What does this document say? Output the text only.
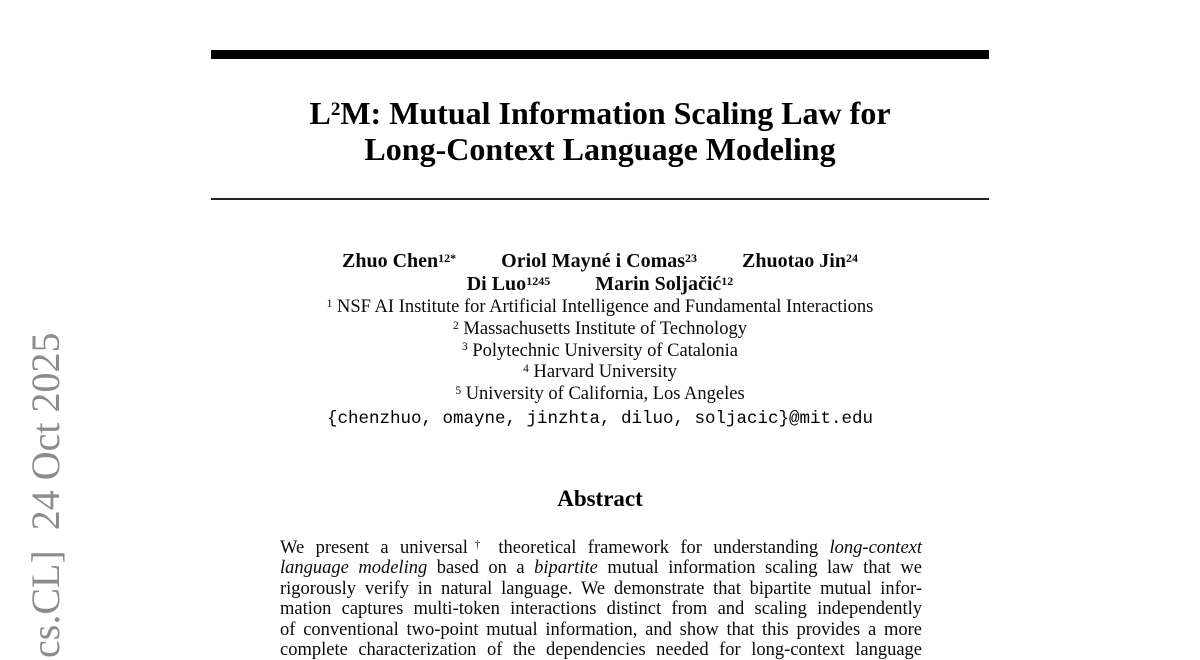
cs.CL]  24 Oct 2025
$L^2M$: Mutual Information Scaling Law for
Long-Context Language Modeling
Zhuo Chen$^{12*}$ Oriol Mayné i Comas$^{23}$ Zhuotao Jin$^{24}$
Di Luo$^{1245}$ Marin Soljačić$^{12}$
$^1$ NSF AI Institute for Artificial Intelligence and Fundamental Interactions
$^2$ Massachusetts Institute of Technology
$^3$ Polytechnic University of Catalonia
$^4$ Harvard University
$^5$ University of California, Los Angeles
{chenzhuo, omayne, jinzhta, diluo, soljacic}@mit.edu
Abstract
We present a universal† theoretical framework for understanding long-context
language modeling based on a bipartite mutual information scaling law that we
rigorously verify in natural language. We demonstrate that bipartite mutual infor-
mation captures multi-token interactions distinct from and scaling independently
of conventional two-point mutual information, and show that this provides a more
complete characterization of the dependencies needed for long-context language
